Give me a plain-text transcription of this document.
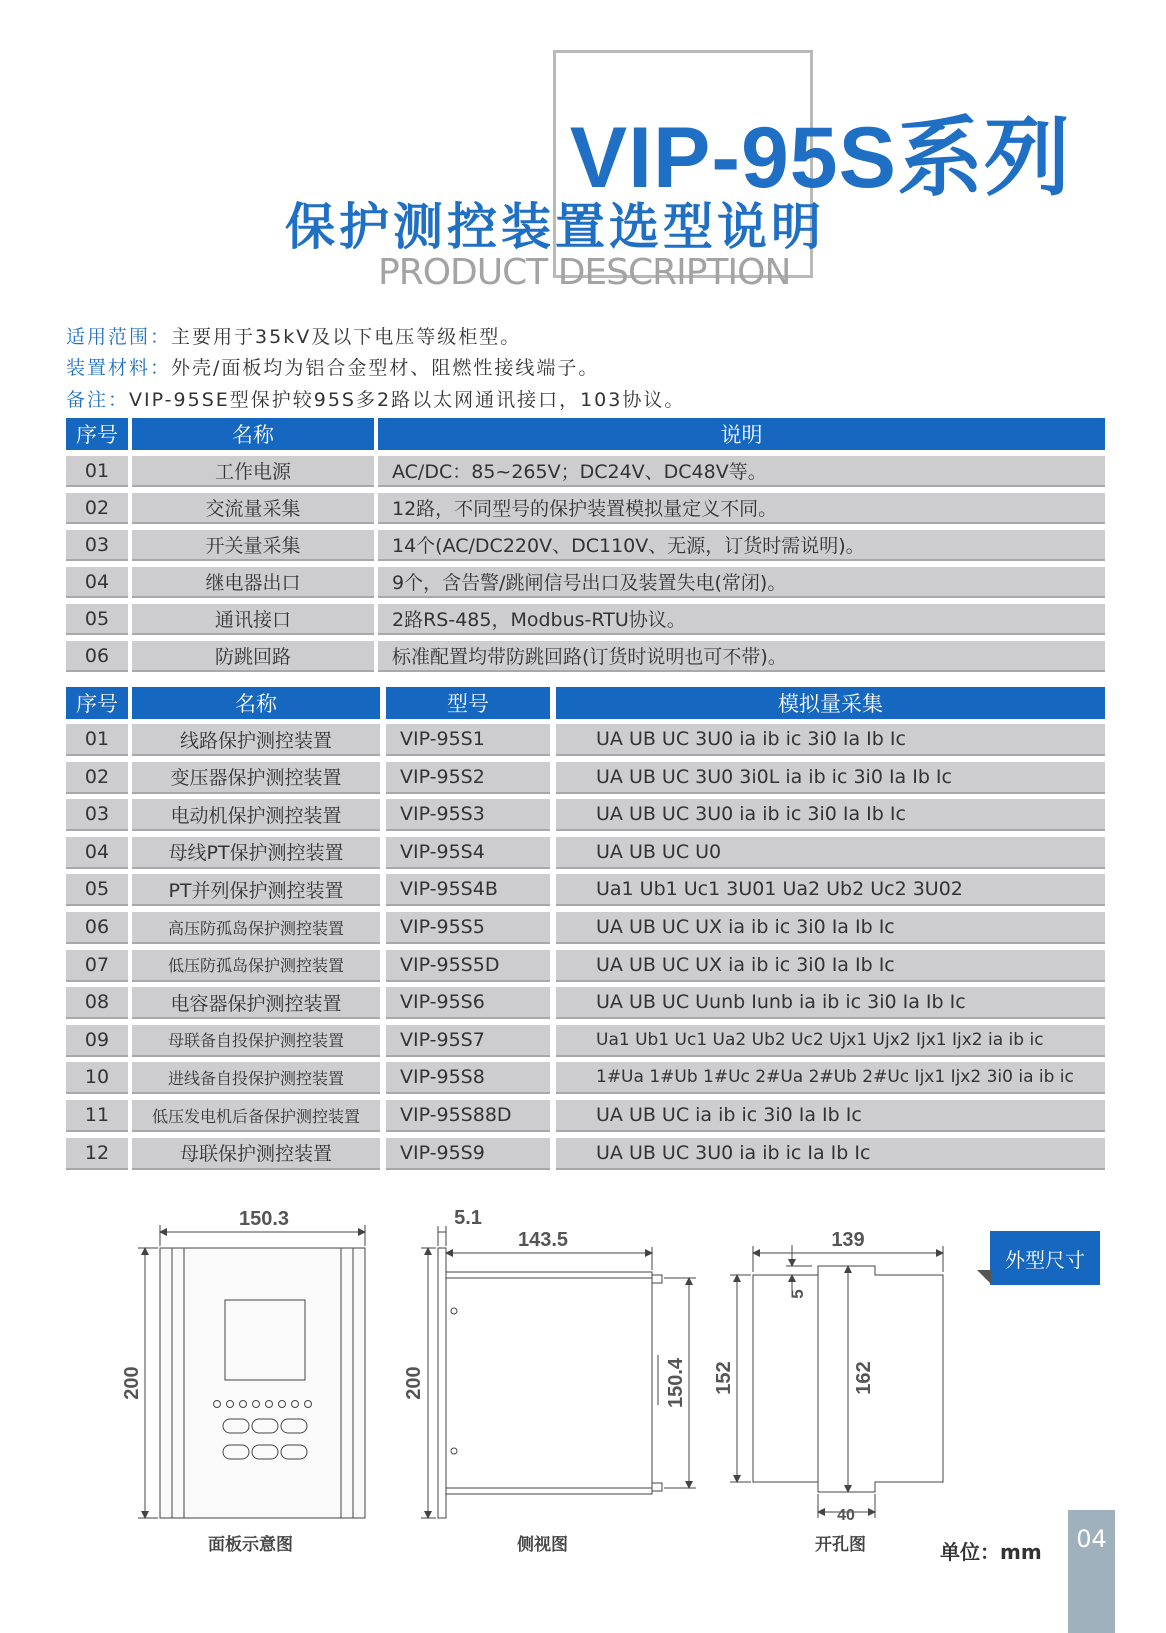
VIP-95S系列
保护测控装置选型说明
PRODUCT DESCRIPTION
适用范围：主要用于35kV及以下电压等级柜型。
装置材料：外壳/面板均为铝合金型材、阻燃性接线端子。
备注：VIP-95SE型保护较95S多2路以太网通讯接口，103协议。
序号	名称	说明
01	工作电源	AC/DC：85~265V；DC24V、DC48V等。
02	交流量采集	12路，不同型号的保护装置模拟量定义不同。
03	开关量采集	14个(AC/DC220V、DC110V、无源，订货时需说明)。
04	继电器出口	9个，含告警/跳闸信号出口及装置失电(常闭)。
05	通讯接口	2路RS-485，Modbus-RTU协议。
06	防跳回路	标准配置均带防跳回路(订货时说明也可不带)。
序号	名称	型号	模拟量采集
01	线路保护测控装置	VIP-95S1	UA UB UC 3U0 ia ib ic 3i0 Ia Ib Ic
02	变压器保护测控装置	VIP-95S2	UA UB UC 3U0 3i0L ia ib ic 3i0 Ia Ib Ic
03	电动机保护测控装置	VIP-95S3	UA UB UC 3U0 ia ib ic 3i0 Ia Ib Ic
04	母线PT保护测控装置	VIP-95S4	UA UB UC U0
05	PT并列保护测控装置	VIP-95S4B	Ua1 Ub1 Uc1 3U01 Ua2 Ub2 Uc2 3U02
06	高压防孤岛保护测控装置	VIP-95S5	UA UB UC UX ia ib ic 3i0 Ia Ib Ic
07	低压防孤岛保护测控装置	VIP-95S5D	UA UB UC UX ia ib ic 3i0 Ia Ib Ic
08	电容器保护测控装置	VIP-95S6	UA UB UC Uunb Iunb ia ib ic 3i0 Ia Ib Ic
09	母联备自投保护测控装置	VIP-95S7	Ua1 Ub1 Uc1 Ua2 Ub2 Uc2 Ujx1 Ujx2 Ijx1 Ijx2 ia ib ic
10	进线备自投保护测控装置	VIP-95S8	1#Ua 1#Ub 1#Uc 2#Ua 2#Ub 2#Uc Ijx1 Ijx2 3i0 ia ib ic
11	低压发电机后备保护测控装置	VIP-95S88D	UA UB UC ia ib ic 3i0 Ia Ib Ic
12	母联保护测控装置	VIP-95S9	UA UB UC 3U0 ia ib ic Ia Ib Ic
外型尺寸
150.3
200
5.1
143.5
200	150.4
139
5
152	162
40
面板示意图	侧视图	开孔图	单位：mm	04
